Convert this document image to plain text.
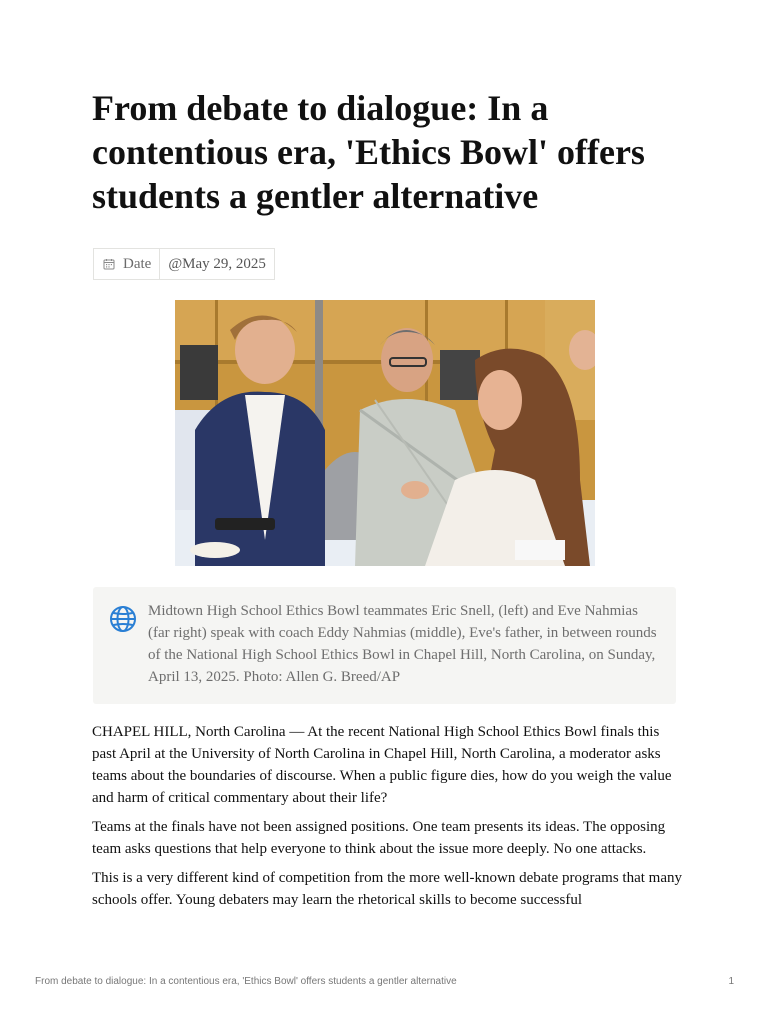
From debate to dialogue: In a contentious era, 'Ethics Bowl' offers students a gentler alternative
Date	@May 29, 2025
Midtown High School Ethics Bowl teammates Eric Snell, (left) and Eve Nahmias (far right) speak with coach Eddy Nahmias (middle), Eve's father, in between rounds of the National High School Ethics Bowl in Chapel Hill, North Carolina, on Sunday, April 13, 2025. Photo: Allen G. Breed/AP

CHAPEL HILL, North Carolina — At the recent National High School Ethics Bowl finals this past April at the University of North Carolina in Chapel Hill, North Carolina, a moderator asks teams about the boundaries of discourse. When a public figure dies, how do you weigh the value and harm of critical commentary about their life?

Teams at the finals have not been assigned positions. One team presents its ideas. The opposing team asks questions that help everyone to think about the issue more deeply. No one attacks.

This is a very different kind of competition from the more well-known debate programs that many schools offer. Young debaters may learn the rhetorical skills to become successful

From debate to dialogue: In a contentious era, 'Ethics Bowl' offers students a gentler alternative	1
